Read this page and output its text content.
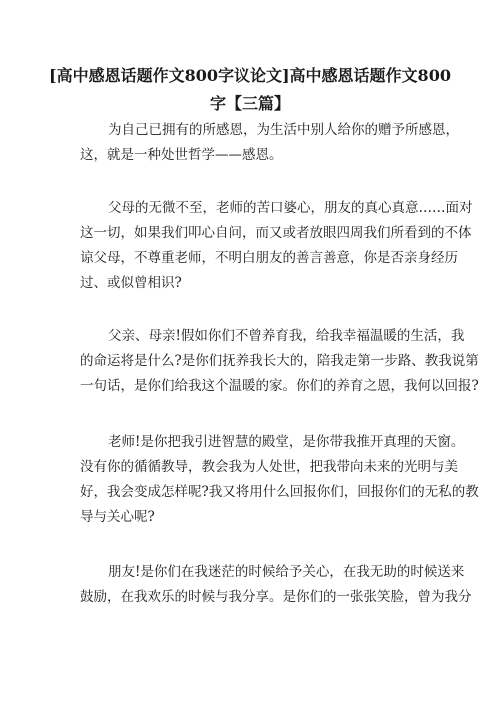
[高中感恩话题作文800字议论文]高中感恩话题作文800
字【三篇】
为自己已拥有的所感恩，为生活中别人给你的赠予所感恩，
这，就是一种处世哲学——感恩。
父母的无微不至，老师的苦口婆心，朋友的真心真意……面对
这一切，如果我们叩心自问，而又或者放眼四周我们所看到的不体
谅父母，不尊重老师，不明白朋友的善言善意，你是否亲身经历
过、或似曾相识?
父亲、母亲!假如你们不曾养育我，给我幸福温暖的生活，我
的命运将是什么?是你们抚养我长大的，陪我走第一步路、教我说第
一句话，是你们给我这个温暖的家。你们的养育之恩，我何以回报?
老师!是你把我引进智慧的殿堂，是你带我推开真理的天窗。
没有你的循循教导，教会我为人处世，把我带向未来的光明与美
好，我会变成怎样呢?我又将用什么回报你们，回报你们的无私的教
导与关心呢?
朋友!是你们在我迷茫的时候给予关心，在我无助的时候送来
鼓励，在我欢乐的时候与我分享。是你们的一张张笑脸，曾为我分
